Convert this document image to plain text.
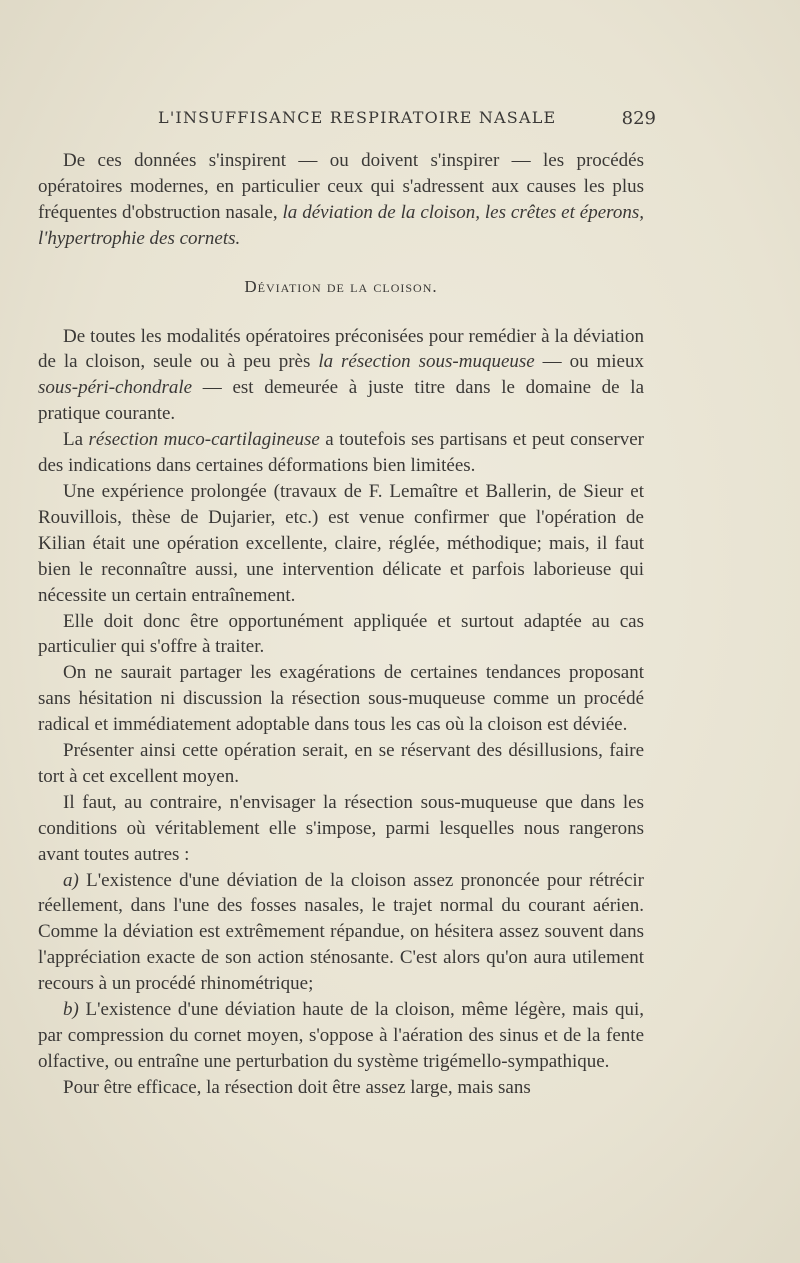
L'INSUFFISANCE RESPIRATOIRE NASALE	829

De ces données s'inspirent — ou doivent s'inspirer — les procédés opératoires modernes, en particulier ceux qui s'adressent aux causes les plus fréquentes d'obstruction nasale, la déviation de la cloison, les crêtes et éperons, l'hypertrophie des cornets.

Déviation de la cloison.

De toutes les modalités opératoires préconisées pour remédier à la déviation de la cloison, seule ou à peu près la résection sous-muqueuse — ou mieux sous-péri-chondrale — est demeurée à juste titre dans le domaine de la pratique courante.

La résection muco-cartilagineuse a toutefois ses partisans et peut conserver des indications dans certaines déformations bien limitées.

Une expérience prolongée (travaux de F. Lemaître et Ballerin, de Sieur et Rouvillois, thèse de Dujarier, etc.) est venue confirmer que l'opération de Kilian était une opération excellente, claire, réglée, méthodique; mais, il faut bien le reconnaître aussi, une intervention délicate et parfois laborieuse qui nécessite un certain entraînement.

Elle doit donc être opportunément appliquée et surtout adaptée au cas particulier qui s'offre à traiter.

On ne saurait partager les exagérations de certaines tendances proposant sans hésitation ni discussion la résection sous-muqueuse comme un procédé radical et immédiatement adoptable dans tous les cas où la cloison est déviée.

Présenter ainsi cette opération serait, en se réservant des désillusions, faire tort à cet excellent moyen.

Il faut, au contraire, n'envisager la résection sous-muqueuse que dans les conditions où véritablement elle s'impose, parmi lesquelles nous rangerons avant toutes autres :

a) L'existence d'une déviation de la cloison assez prononcée pour rétrécir réellement, dans l'une des fosses nasales, le trajet normal du courant aérien. Comme la déviation est extrêmement répandue, on hésitera assez souvent dans l'appréciation exacte de son action sténosante. C'est alors qu'on aura utilement recours à un procédé rhinométrique;

b) L'existence d'une déviation haute de la cloison, même légère, mais qui, par compression du cornet moyen, s'oppose à l'aération des sinus et de la fente olfactive, ou entraîne une perturbation du système trigémello-sympathique.

Pour être efficace, la résection doit être assez large, mais sans
